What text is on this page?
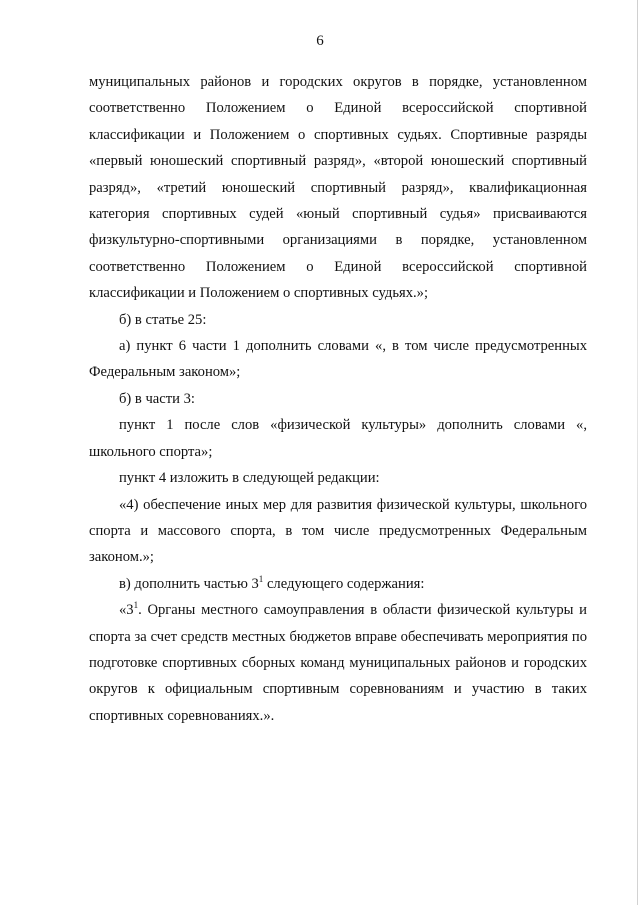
6

муниципальных районов и городских округов в порядке, установленном соответственно Положением о Единой всероссийской спортивной классификации и Положением о спортивных судьях. Спортивные разряды «первый юношеский спортивный разряд», «второй юношеский спортивный разряд», «третий юношеский спортивный разряд», квалификационная категория спортивных судей «юный спортивный судья» присваиваются физкультурно-спортивными организациями в порядке, установленном соответственно Положением о Единой всероссийской спортивной классификации и Положением о спортивных судьях.»;

б) в статье 25:

а) пункт 6 части 1 дополнить словами «, в том числе предусмотренных Федеральным законом»;

б) в части 3:

пункт 1 после слов «физической культуры» дополнить словами «, школьного спорта»;

пункт 4 изложить в следующей редакции:

«4) обеспечение иных мер для развития физической культуры, школьного спорта и массового спорта, в том числе предусмотренных Федеральным законом.»;

в) дополнить частью $3^1$ следующего содержания:

«$3^1$. Органы местного самоуправления в области физической культуры и спорта за счет средств местных бюджетов вправе обеспечивать мероприятия по подготовке спортивных сборных команд муниципальных районов и городских округов к официальным спортивным соревнованиям и участию в таких спортивных соревнованиях.».
